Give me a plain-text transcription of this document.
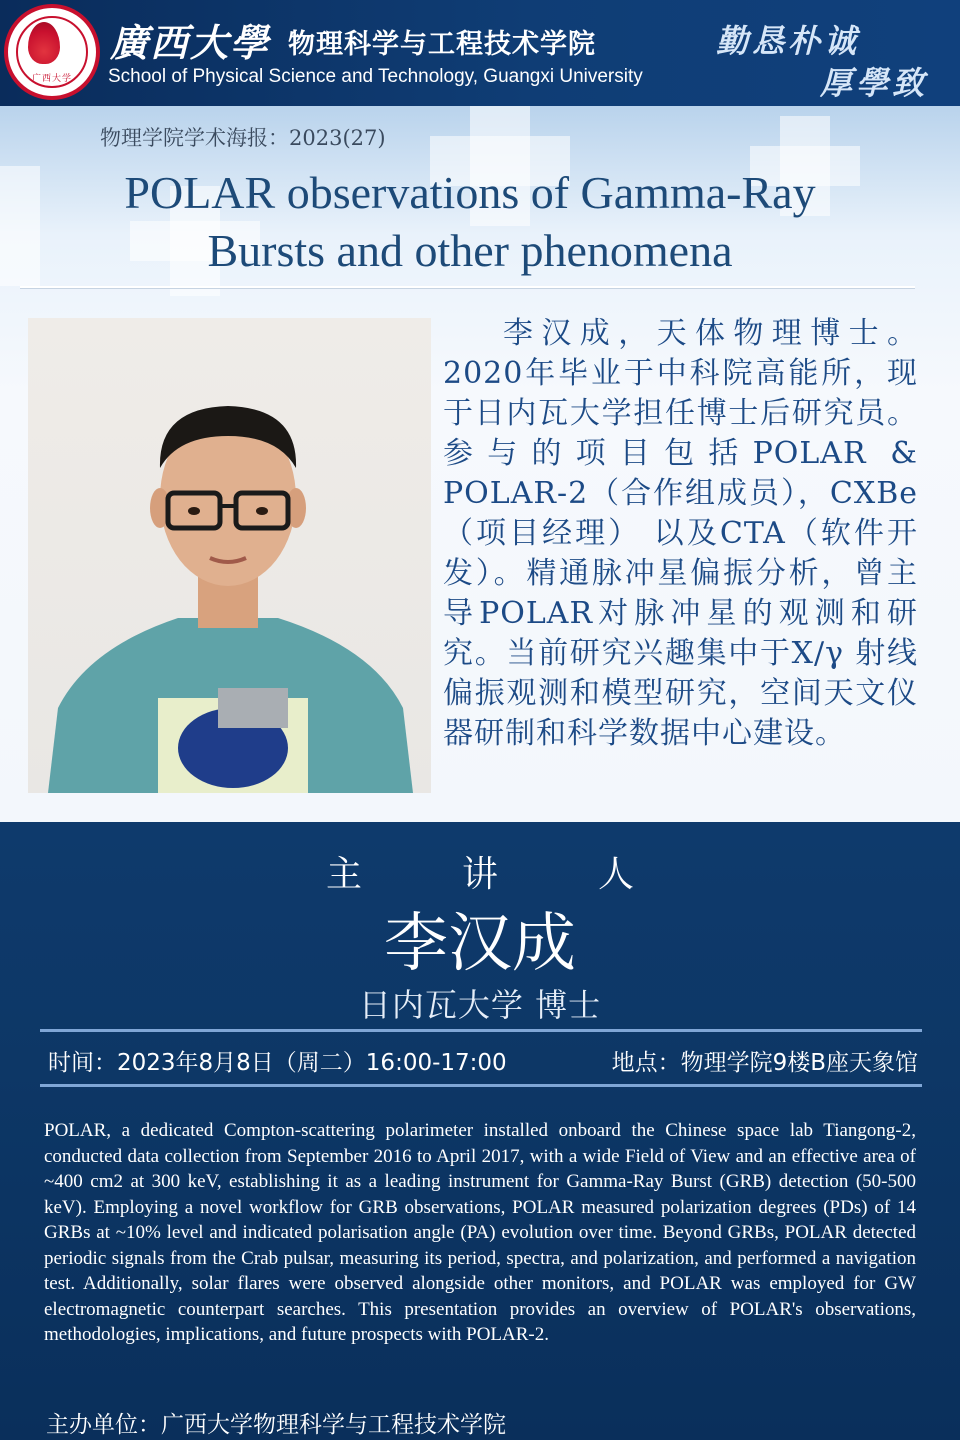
广西大学
廣西大學 物理科学与工程技术学院
School of Physical Science and Technology, Guangxi University
勤恳朴诚
厚學致
物理学院学术海报：2023(27)
POLAR observations of Gamma-Ray
Bursts and other phenomena
李汉成，天体物理博士。2020年毕业于中科院高能所，现于日内瓦大学担任博士后研究员。参与的项目包括POLAR & POLAR-2（合作组成员），CXBe（项目经理） 以及CTA（软件开发）。精通脉冲星偏振分析，曾主导POLAR对脉冲星的观测和研究。当前研究兴趣集中于X/γ 射线偏振观测和模型研究，空间天文仪器研制和科学数据中心建设。
主讲人
李汉成
日内瓦大学 博士
时间：2023年8月8日（周二）16:00-17:00	地点：物理学院9楼B座天象馆
POLAR, a dedicated Compton-scattering polarimeter installed onboard the Chinese space lab Tiangong-2, conducted data collection from September 2016 to April 2017, with a wide Field of View and an effective area of ~400 cm2 at 300 keV, establishing it as a leading instrument for Gamma-Ray Burst (GRB) detection (50-500 keV). Employing a novel workflow for GRB observations, POLAR measured polarization degrees (PDs) of 14 GRBs at ~10% level and indicated polarisation angle (PA) evolution over time. Beyond GRBs, POLAR detected periodic signals from the Crab pulsar, measuring its period, spectra, and polarization, and performed a navigation test. Additionally, solar flares were observed alongside other monitors, and POLAR was employed for GW electromagnetic counterpart searches. This presentation provides an overview of POLAR's observations, methodologies, implications, and future prospects with POLAR-2.
主办单位：广西大学物理科学与工程技术学院
